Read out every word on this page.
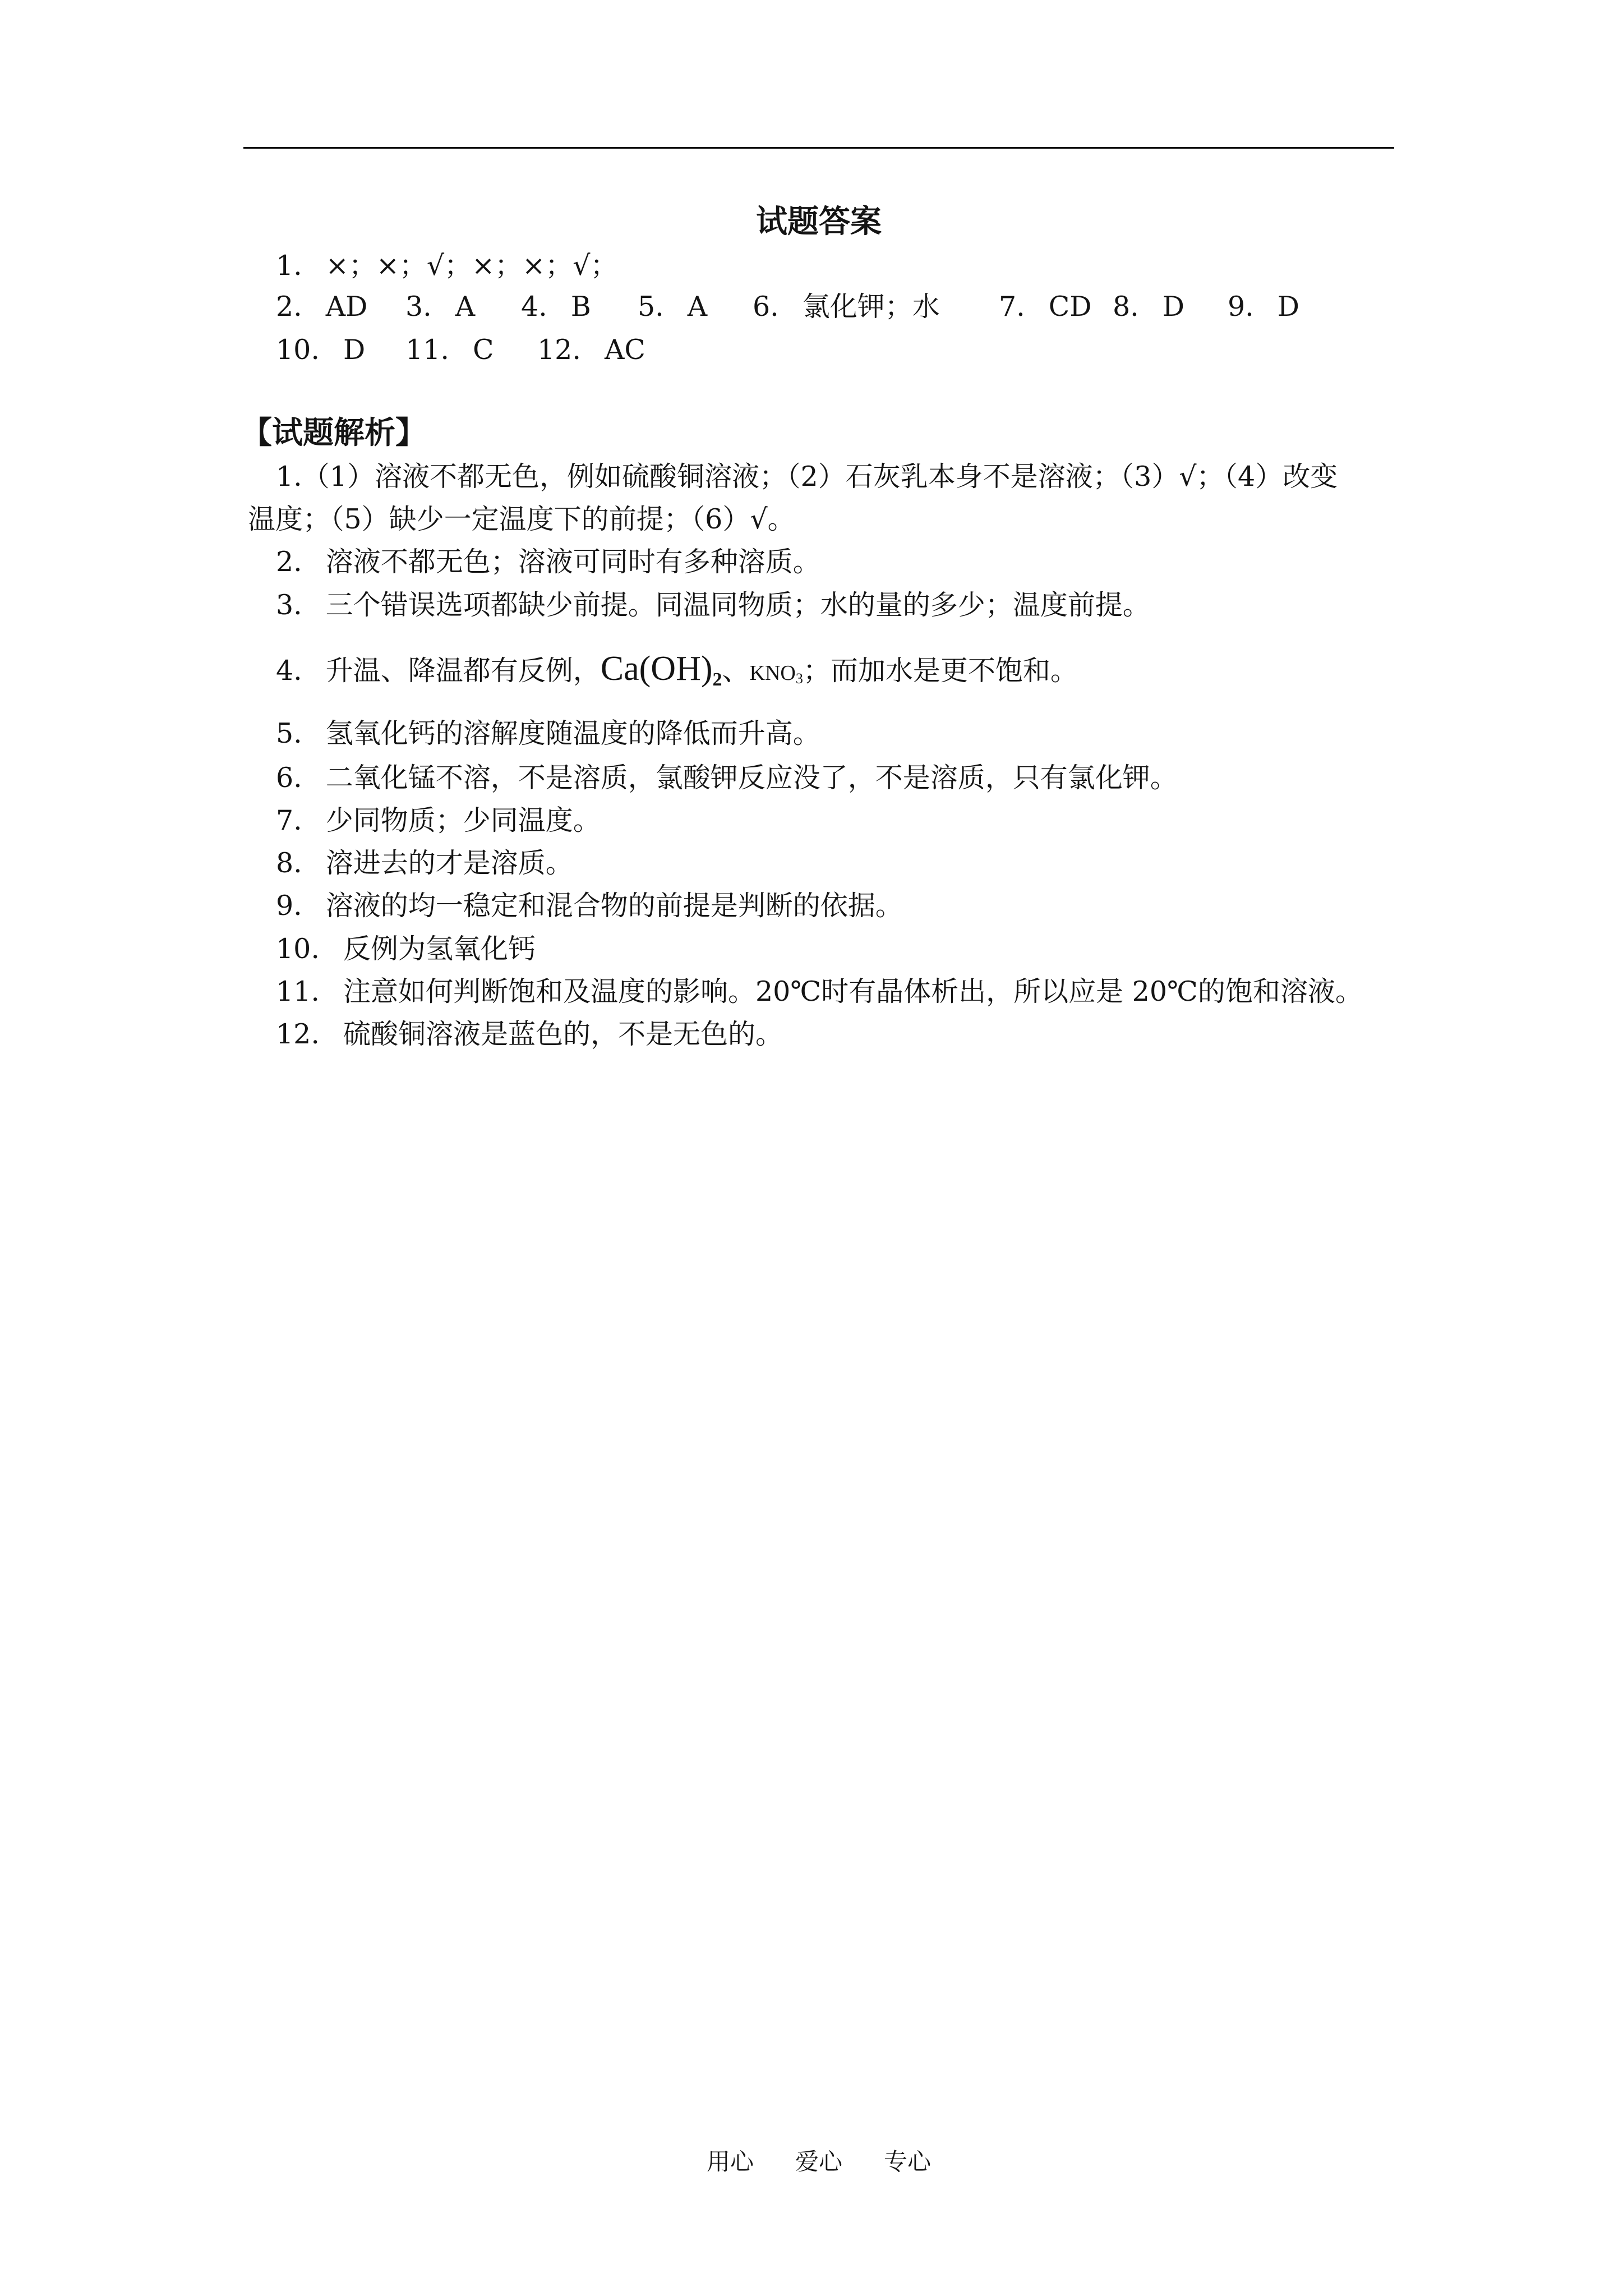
试题答案
1. ×；×；√；×；×；√；
2. AD 3. A 4. B 5. A 6. 氯化钾；水 7. CD 8. D 9. D
10. D 11. C 12. AC
【试题解析】
1.（1）溶液不都无色，例如硫酸铜溶液；（2）石灰乳本身不是溶液；（3）√；（4）改变
温度；（5）缺少一定温度下的前提；（6）√。
2. 溶液不都无色；溶液可同时有多种溶质。
3. 三个错误选项都缺少前提。同温同物质；水的量的多少；温度前提。
4. 升温、降温都有反例，$Ca(OH)_2$、$KNO_3$；而加水是更不饱和。
5. 氢氧化钙的溶解度随温度的降低而升高。
6. 二氧化锰不溶，不是溶质，氯酸钾反应没了，不是溶质，只有氯化钾。
7. 少同物质；少同温度。
8. 溶进去的才是溶质。
9. 溶液的均一稳定和混合物的前提是判断的依据。
10. 反例为氢氧化钙
11. 注意如何判断饱和及温度的影响。20℃时有晶体析出，所以应是 20℃的饱和溶液。
12. 硫酸铜溶液是蓝色的，不是无色的。
用心 爱心 专心
